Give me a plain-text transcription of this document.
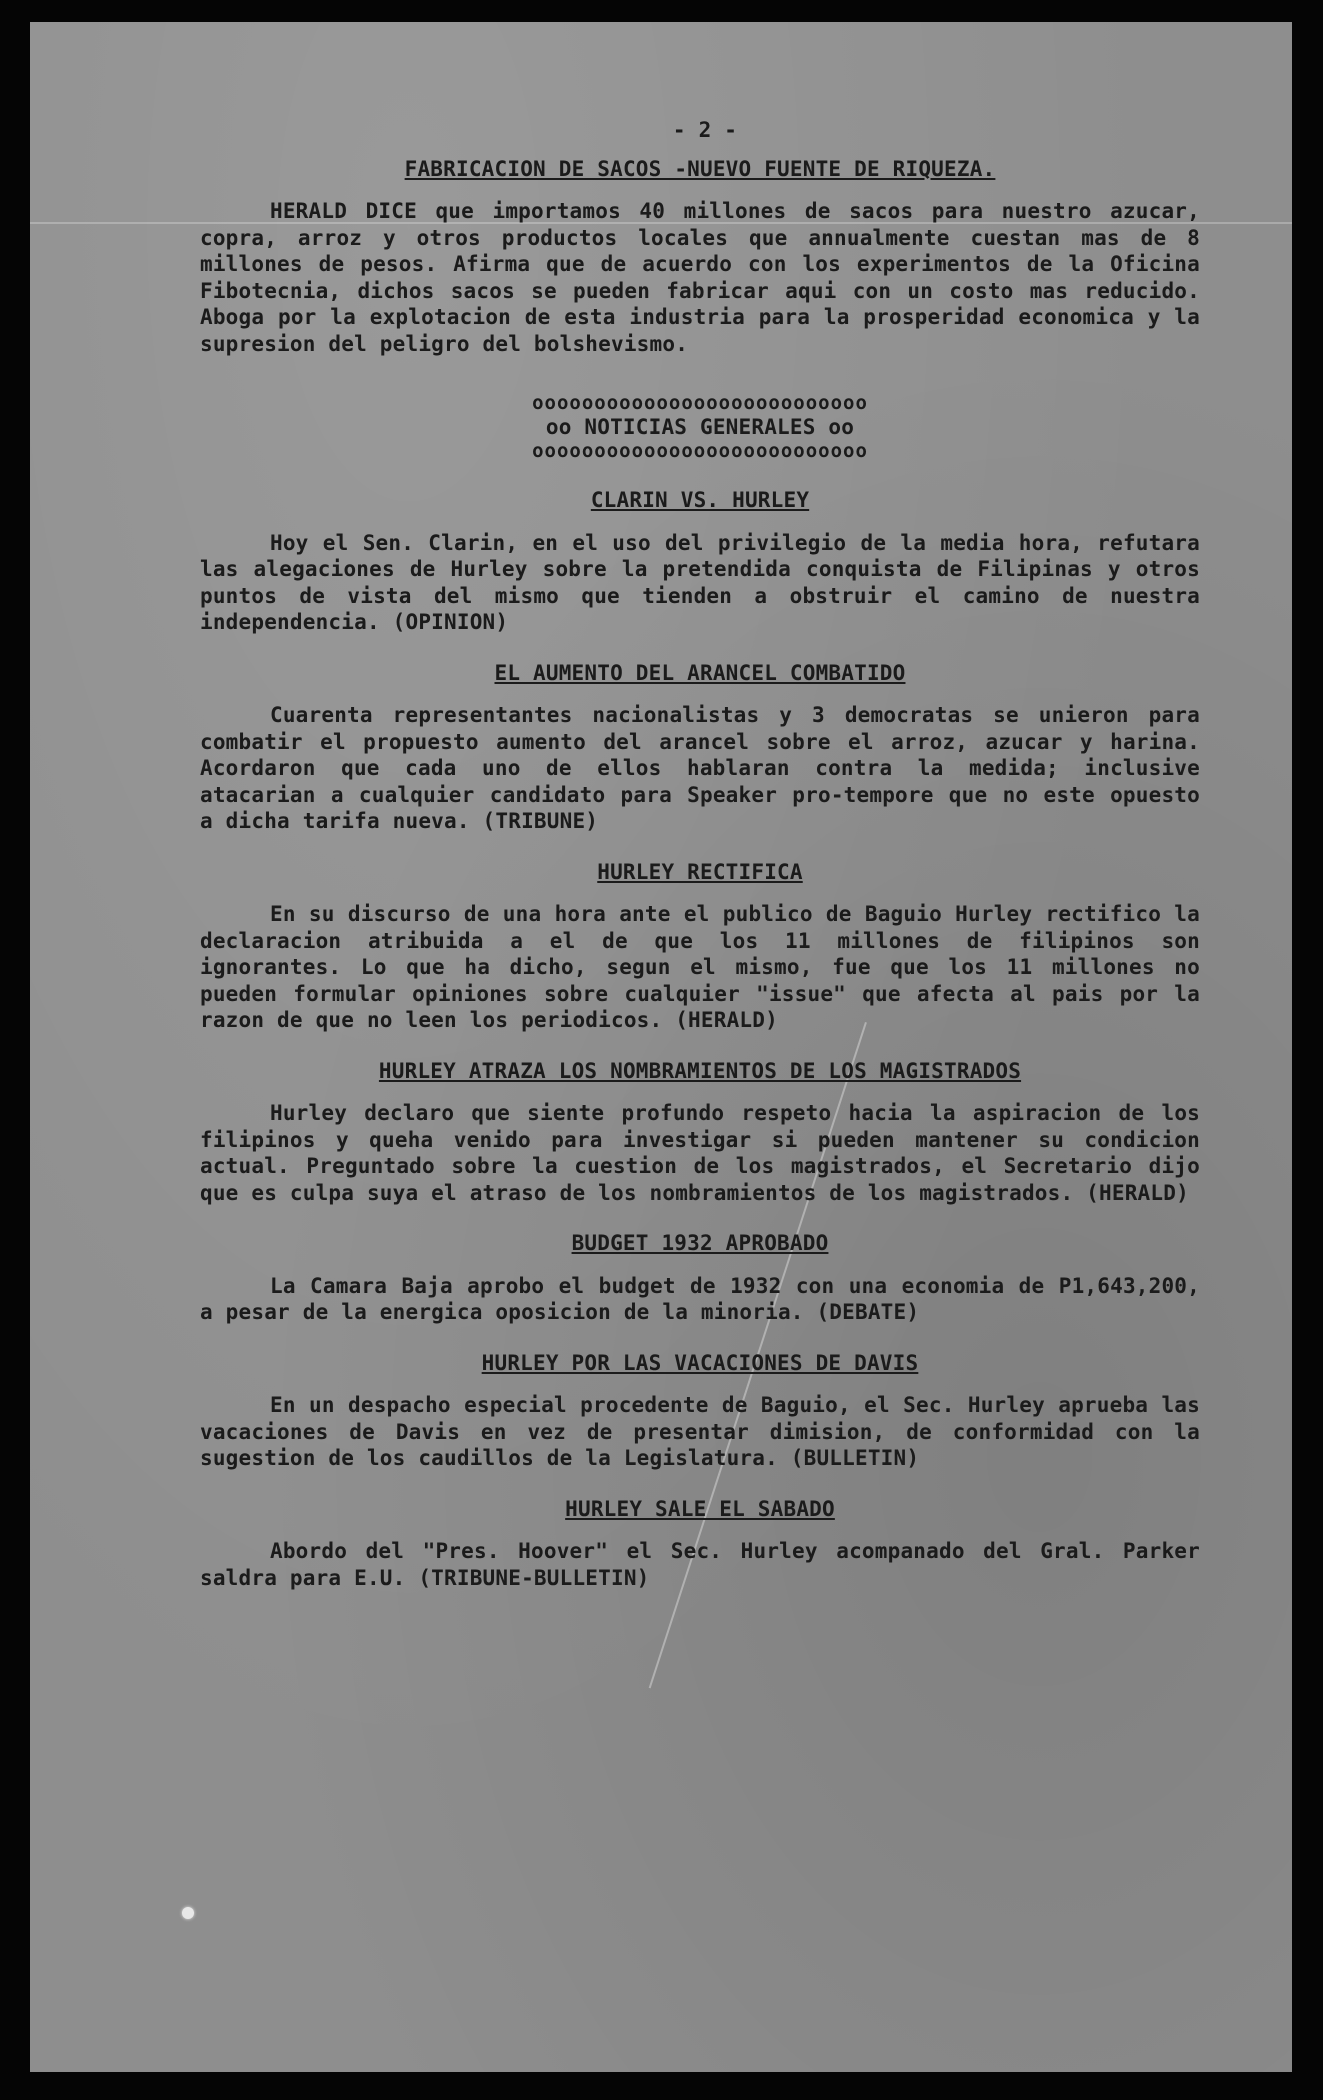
- 2 -
FABRICACION DE SACOS -NUEVO FUENTE DE RIQUEZA.

HERALD DICE que importamos 40 millones de sacos para nuestro azucar, copra, arroz y otros productos locales que annualmente cuestan mas de 8 millones de pesos. Afirma que de acuerdo con los experimentos de la Oficina Fibotecnia, dichos sacos se pueden fabricar aqui con un costo mas reducido. Aboga por la explotacion de esta industria para la prosperidad economica y la supresion del peligro del bolshevismo.

ooooooooooooooooooooooooooo
oo NOTICIAS GENERALES oo
ooooooooooooooooooooooooooo
CLARIN VS. HURLEY

Hoy el Sen. Clarin, en el uso del privilegio de la media hora, refutara las alegaciones de Hurley sobre la pretendida conquista de Filipinas y otros puntos de vista del mismo que tienden a obstruir el camino de nuestra independencia. (OPINION)

EL AUMENTO DEL ARANCEL COMBATIDO

Cuarenta representantes nacionalistas y 3 democratas se unieron para combatir el propuesto aumento del arancel sobre el arroz, azucar y harina. Acordaron que cada uno de ellos hablaran contra la medida; inclusive atacarian a cualquier candidato para Speaker pro-tempore que no este opuesto a dicha tarifa nueva. (TRIBUNE)

HURLEY RECTIFICA

En su discurso de una hora ante el publico de Baguio Hurley rectifico la declaracion atribuida a el de que los 11 millones de filipinos son ignorantes. Lo que ha dicho, segun el mismo, fue que los 11 millones no pueden formular opiniones sobre cualquier "issue" que afecta al pais por la razon de que no leen los periodicos. (HERALD)

HURLEY ATRAZA LOS NOMBRAMIENTOS DE LOS MAGISTRADOS

Hurley declaro que siente profundo respeto hacia la aspiracion de los filipinos y queha venido para investigar si pueden mantener su condicion actual. Preguntado sobre la cuestion de los magistrados, el Secretario dijo que es culpa suya el atraso de los nombramientos de los magistrados. (HERALD)

BUDGET 1932 APROBADO

La Camara Baja aprobo el budget de 1932 con una economia de P1,643,200, a pesar de la energica oposicion de la minoria. (DEBATE)

HURLEY POR LAS VACACIONES DE DAVIS

En un despacho especial procedente de Baguio, el Sec. Hurley aprueba las vacaciones de Davis en vez de presentar dimision, de conformidad con la sugestion de los caudillos de la Legislatura. (BULLETIN)

HURLEY SALE EL SABADO

Abordo del "Pres. Hoover" el Sec. Hurley acompanado del Gral. Parker saldra para E.U. (TRIBUNE-BULLETIN)
